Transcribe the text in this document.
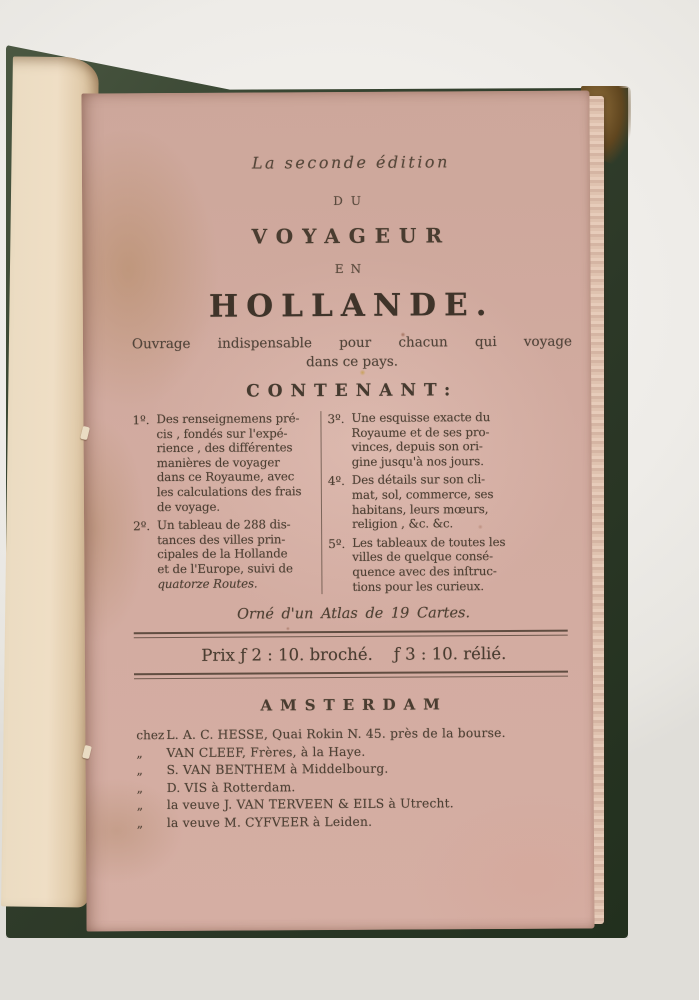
La seconde édition
DU
VOYAGEUR
EN
HOLLANDE.
Ouvrage indispensable pour chacun qui voyage
dans ce pays.
CONTENANT:
1º. Des renseignemens pré-
cis , fondés sur l'expé-
rience , des différentes
manières de voyager
dans ce Royaume, avec
les calculations des frais
de voyage.
2º. Un tableau de 288 dis-
tances des villes prin-
cipales de la Hollande
et de l'Europe, suivi de
quatorze Routes.
3º. Une esquisse exacte du
Royaume et de ses pro-
vinces, depuis son ori-
gine jusqu'à nos jours.
4º. Des détails sur son cli-
mat, sol, commerce, ses
habitans, leurs mœurs,
religion , &c. &c.
5º. Les tableaux de toutes les
villes de quelque consé-
quence avec des inſtruc-
tions pour les curieux.
Orné d'un Atlas de 19 Cartes.
Prix ƒ 2 : 10. broché.    ƒ 3 : 10. rélié.
AMSTERDAM
chez L. A. C. HESSE, Quai Rokin N. 45. près de la bourse.
„	VAN CLEEF, Frères, à la Haye.
„	S. VAN BENTHEM à Middelbourg.
„	D. VIS à Rotterdam.
„	la veuve J. VAN TERVEEN & EILS à Utrecht.
„	la veuve M. CYFVEER à Leiden.
